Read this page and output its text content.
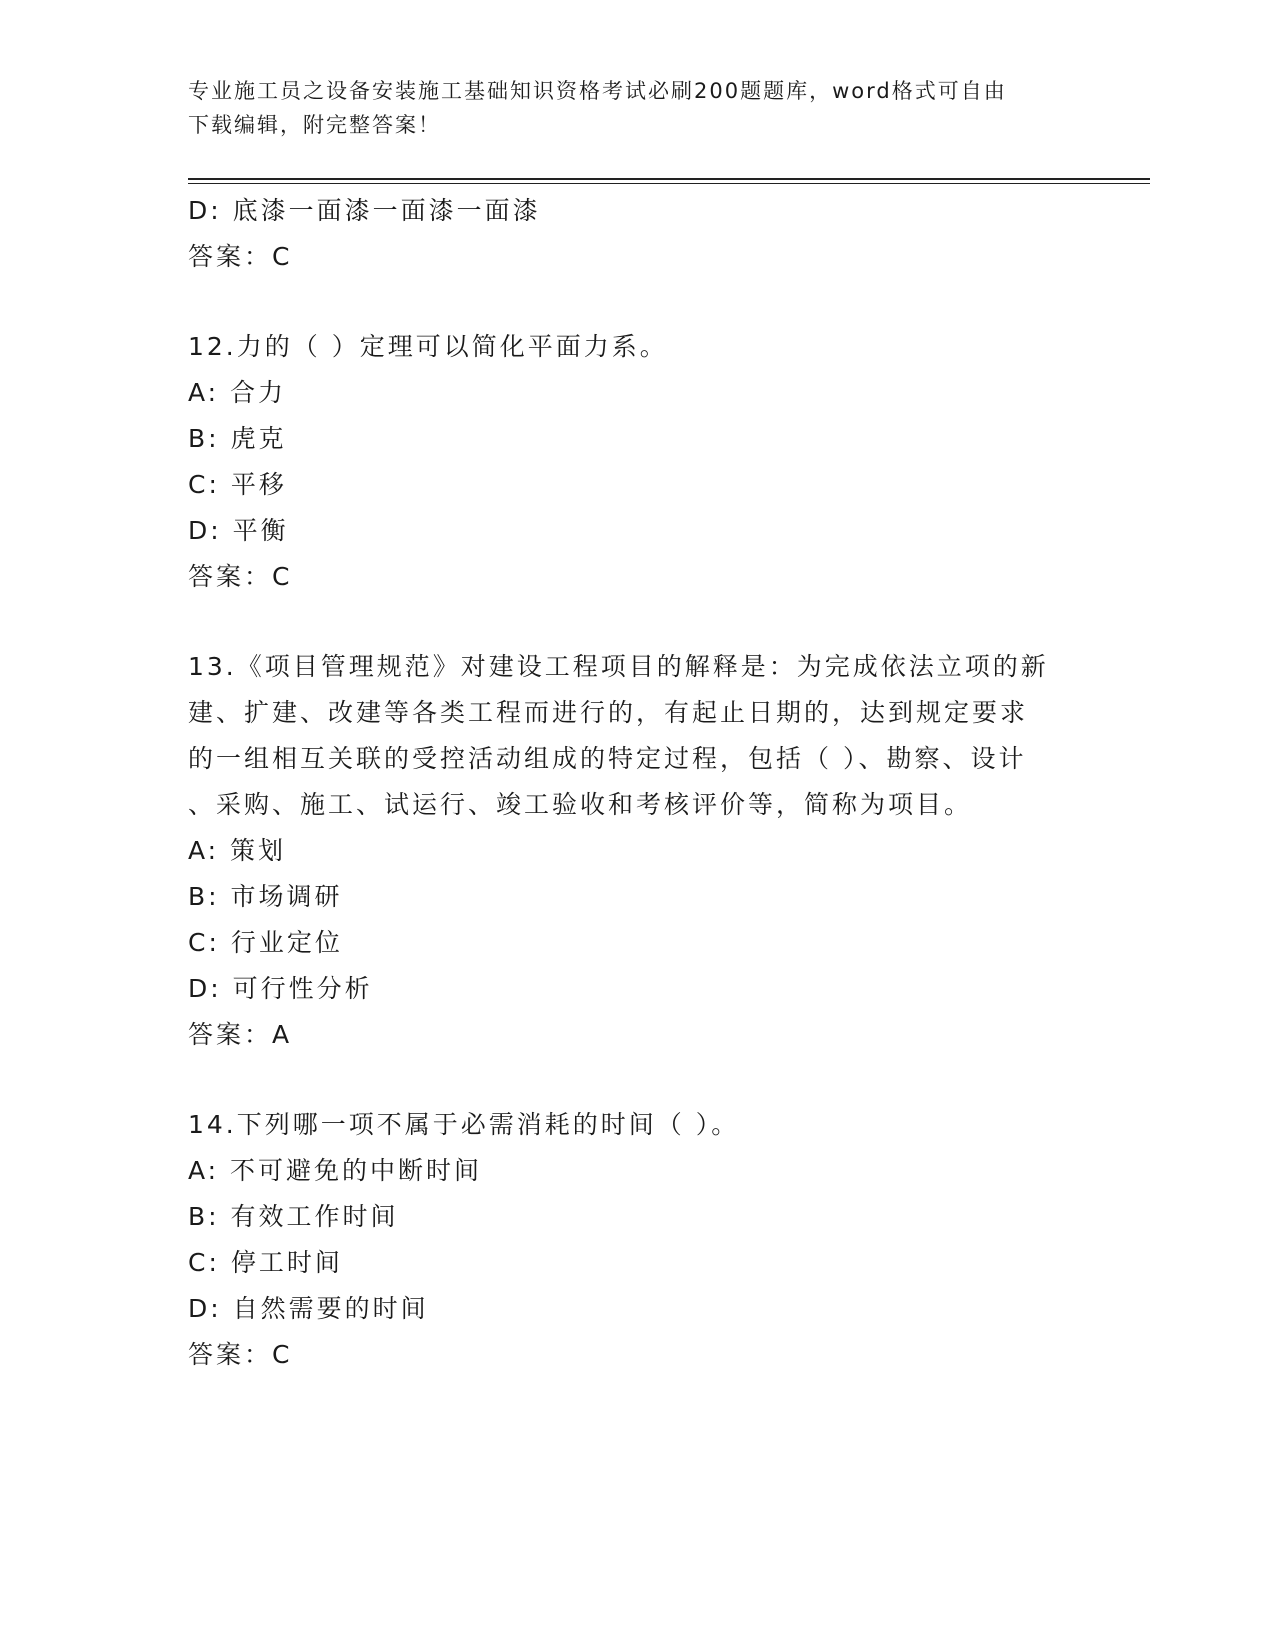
专业施工员之设备安装施工基础知识资格考试必刷200题题库，word格式可自由
下载编辑，附完整答案！
D: 底漆一面漆一面漆一面漆
答案：C
12.力的（ ）定理可以简化平面力系。
A: 合力
B: 虎克
C: 平移
D: 平衡
答案：C
13.《项目管理规范》对建设工程项目的解释是：为完成依法立项的新
建、扩建、改建等各类工程而进行的，有起止日期的，达到规定要求
的一组相互关联的受控活动组成的特定过程，包括（ ）、勘察、设计
、采购、施工、试运行、竣工验收和考核评价等，简称为项目。
A: 策划
B: 市场调研
C: 行业定位
D: 可行性分析
答案：A
14.下列哪一项不属于必需消耗的时间（ ）。
A: 不可避免的中断时间
B: 有效工作时间
C: 停工时间
D: 自然需要的时间
答案：C
